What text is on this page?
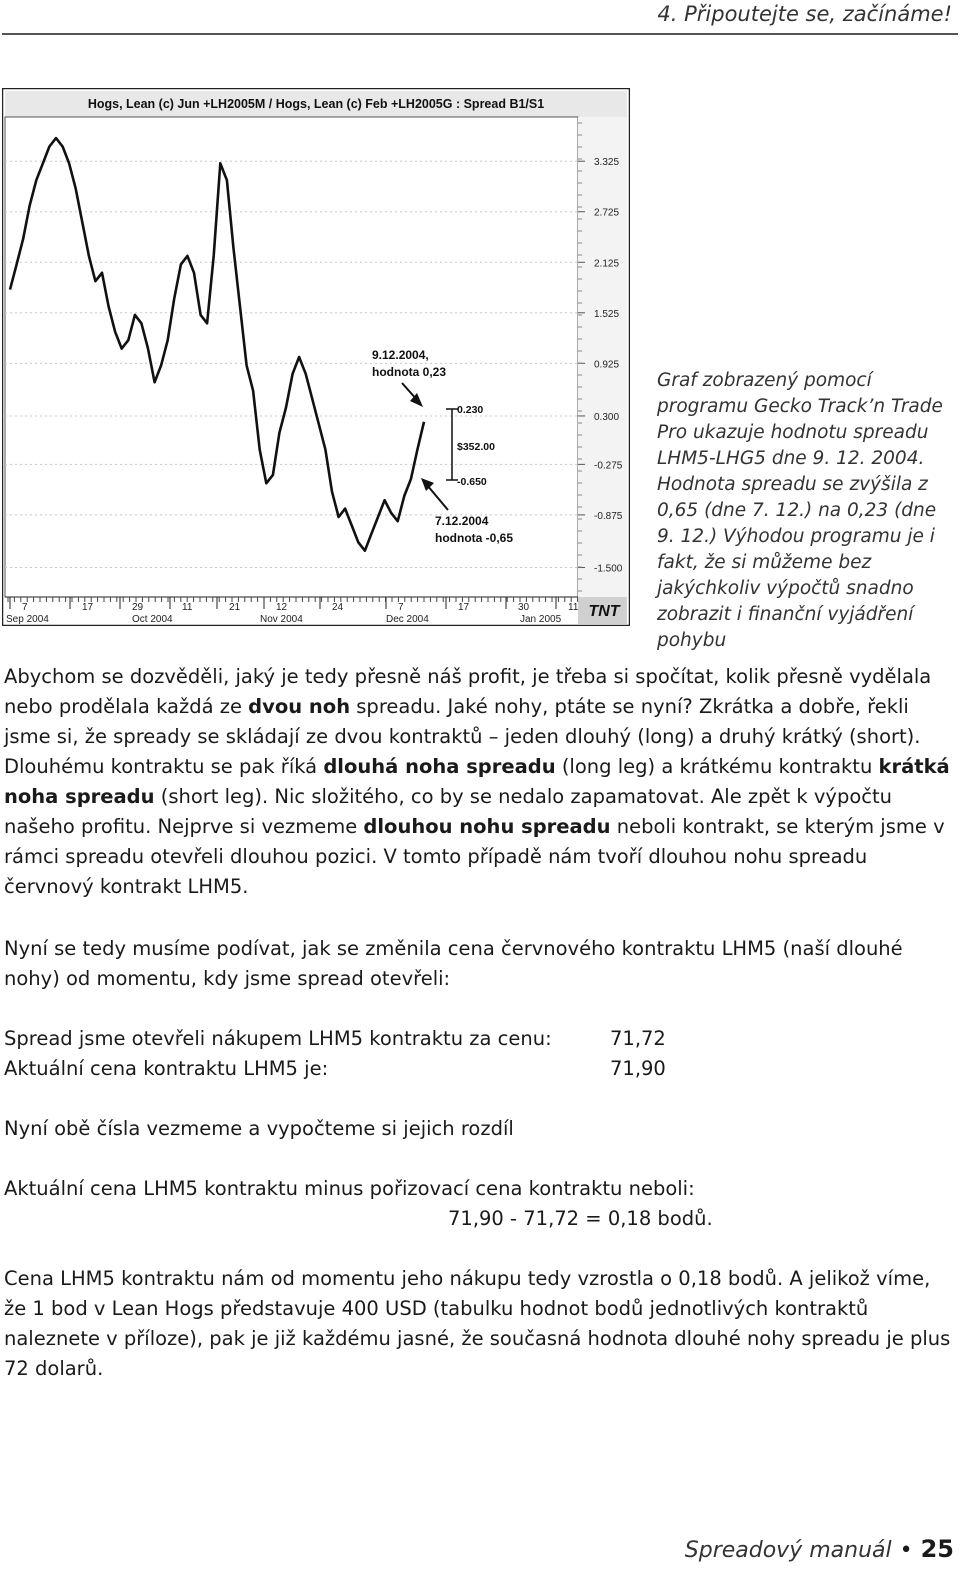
4. Připoutejte se, začínáme!
Hogs, Lean (c) Jun +LH2005M / Hogs, Lean (c) Feb +LH2005G : Spread B1/S1
3.325
2.725
2.125
1.525
0.925
0.300
-0.275
-0.875
-1.500
0.230
$352.00
-0.650
9.12.2004,
hodnota 0,23
7.12.2004
hodnota -0,65
7	17	29	11	21	12	24	7	17	30	11
Sep 2004	Oct 2004	Nov 2004	Dec 2004	Jan 2005 TNT
Graf zobrazený pomocí programu Gecko Track’n Trade Pro ukazuje hodnotu spreadu LHM5-LHG5 dne 9. 12. 2004. Hodnota spreadu se zvýšila z 0,65 (dne 7. 12.) na 0,23 (dne 9. 12.) Výhodou programu je i fakt, že si můžeme bez jakýchkoliv výpočtů snadno zobrazit i finanční vyjádření pohybu

Abychom se dozvěděli, jaký je tedy přesně náš profit, je třeba si spočítat, kolik přesně vydělala nebo prodělala každá ze dvou noh spreadu. Jaké nohy, ptáte se nyní? Zkrátka a dobře, řekli jsme si, že spready se skládají ze dvou kontraktů – jeden dlouhý (long) a druhý krátký (short). Dlouhému kontraktu se pak říká dlouhá noha spreadu (long leg) a krátkému kontraktu krátká noha spreadu (short leg). Nic složitého, co by se nedalo zapamatovat. Ale zpět k výpočtu našeho profitu. Nejprve si vezmeme dlouhou nohu spreadu neboli kontrakt, se kterým jsme v rámci spreadu otevřeli dlouhou pozici. V tomto případě nám tvoří dlouhou nohu spreadu červnový kontrakt LHM5.

Nyní se tedy musíme podívat, jak se změnila cena červnového kontraktu LHM5 (naší dlouhé nohy) od momentu, kdy jsme spread otevřeli:
Spread jsme otevřeli nákupem LHM5 kontraktu za cenu:	71,72
Aktuální cena kontraktu LHM5 je:	71,90
Nyní obě čísla vezmeme a vypočteme si jejich rozdíl
Aktuální cena LHM5 kontraktu minus pořizovací cena kontraktu neboli:
71,90 - 71,72 = 0,18 bodů.
Cena LHM5 kontraktu nám od momentu jeho nákupu tedy vzrostla o 0,18 bodů. A jelikož víme, že 1 bod v Lean Hogs představuje 400 USD (tabulku hodnot bodů jednotlivých kontraktů naleznete v příloze), pak je již každému jasné, že současná hodnota dlouhé nohy spreadu je plus 72 dolarů.
Spreadový manuál • 25
